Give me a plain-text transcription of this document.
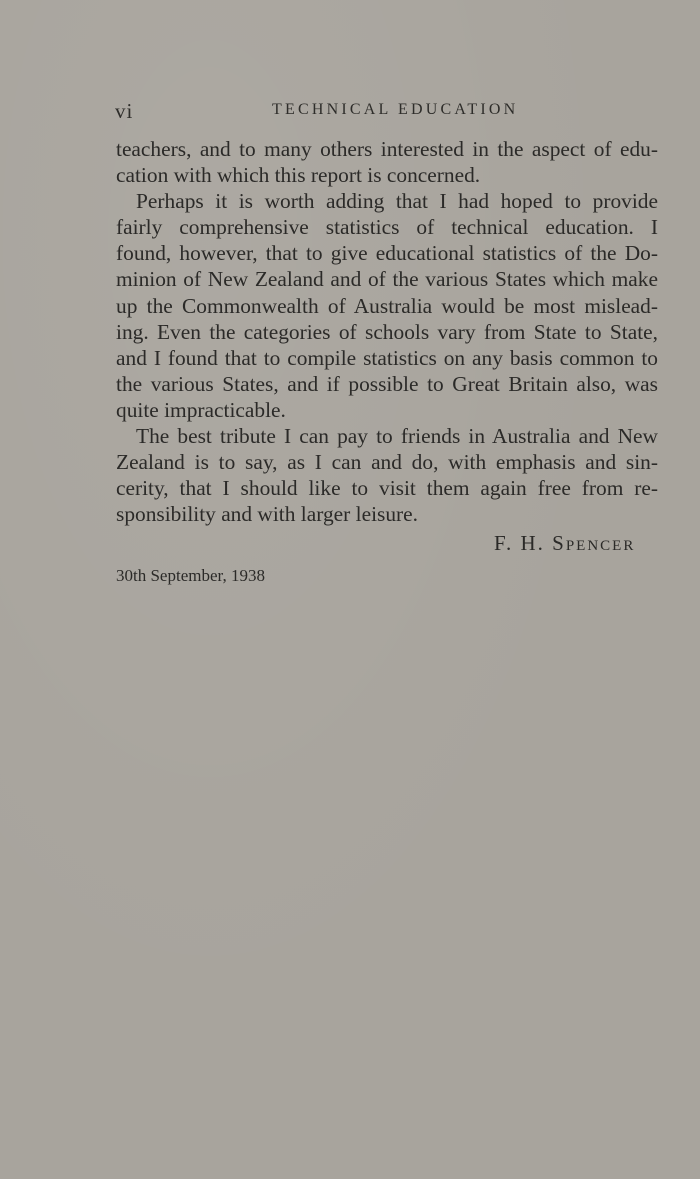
vi	TECHNICAL EDUCATION
teachers, and to many others interested in the aspect of edu-
cation with which this report is concerned.
Perhaps it is worth adding that I had hoped to provide
fairly comprehensive statistics of technical education. I
found, however, that to give educational statistics of the Do-
minion of New Zealand and of the various States which make
up the Commonwealth of Australia would be most mislead-
ing. Even the categories of schools vary from State to State,
and I found that to compile statistics on any basis common to
the various States, and if possible to Great Britain also, was
quite impracticable.
The best tribute I can pay to friends in Australia and New
Zealand is to say, as I can and do, with emphasis and sin-
cerity, that I should like to visit them again free from re-
sponsibility and with larger leisure.
F. H. Spencer
30th September, 1938
